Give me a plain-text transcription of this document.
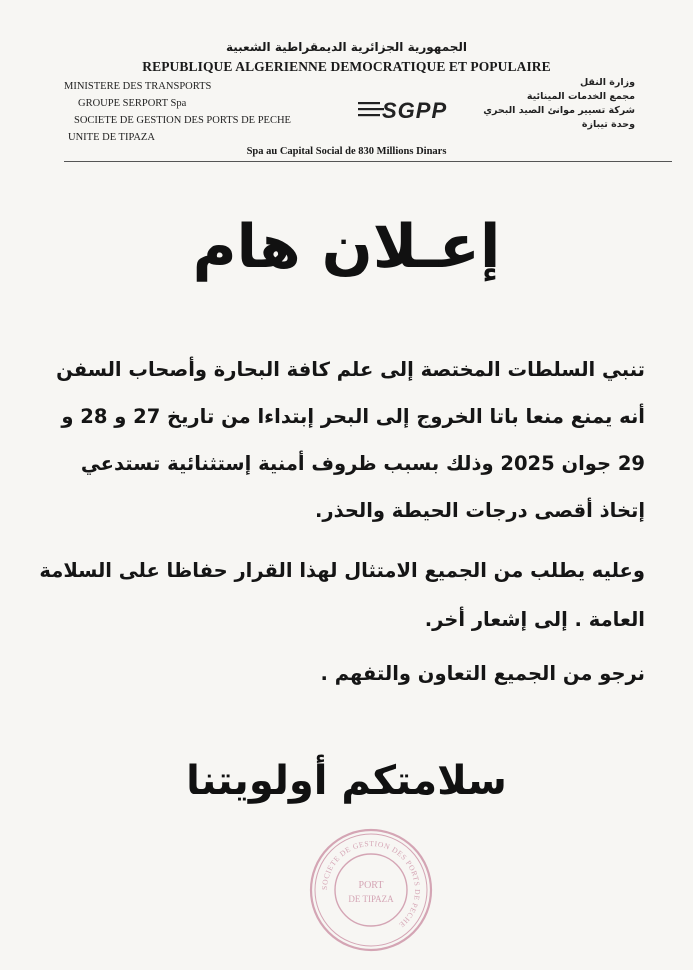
الجمهورية الجزائرية الديمقراطية الشعبية
REPUBLIQUE ALGERIENNE DEMOCRATIQUE ET POPULAIRE
MINISTERE DES TRANSPORTS
GROUPE SERPORT Spa
SOCIETE DE GESTION DES PORTS DE PECHE
UNITE DE TIPAZA
وزارة النقل
مجمع الخدمات المينائية
شركة تسيير موانئ الصيد البحري
وحدة تيبازة
SGPP
Spa au Capital Social de 830 Millions Dinars
إعـلان هام
تنبي السلطات المختصة إلى علم كافة البحارة وأصحاب السفن
أنه يمنع منعا باتا الخروج إلى البحر إبتداءا من تاريخ 27 و 28 و
29 جوان 2025 وذلك بسبب ظروف أمنية إستثنائية تستدعي
إتخاذ أقصى درجات الحيطة والحذر.
وعليه يطلب من الجميع الامتثال لهذا القرار حفاظا على السلامة
العامة . إلى إشعار أخر.
نرجو من الجميع التعاون والتفهم .
سلامتكم أولويتنا
SOCIETE DE GESTION DES PORTS DE PECHE
PORT
DE TIPAZA
